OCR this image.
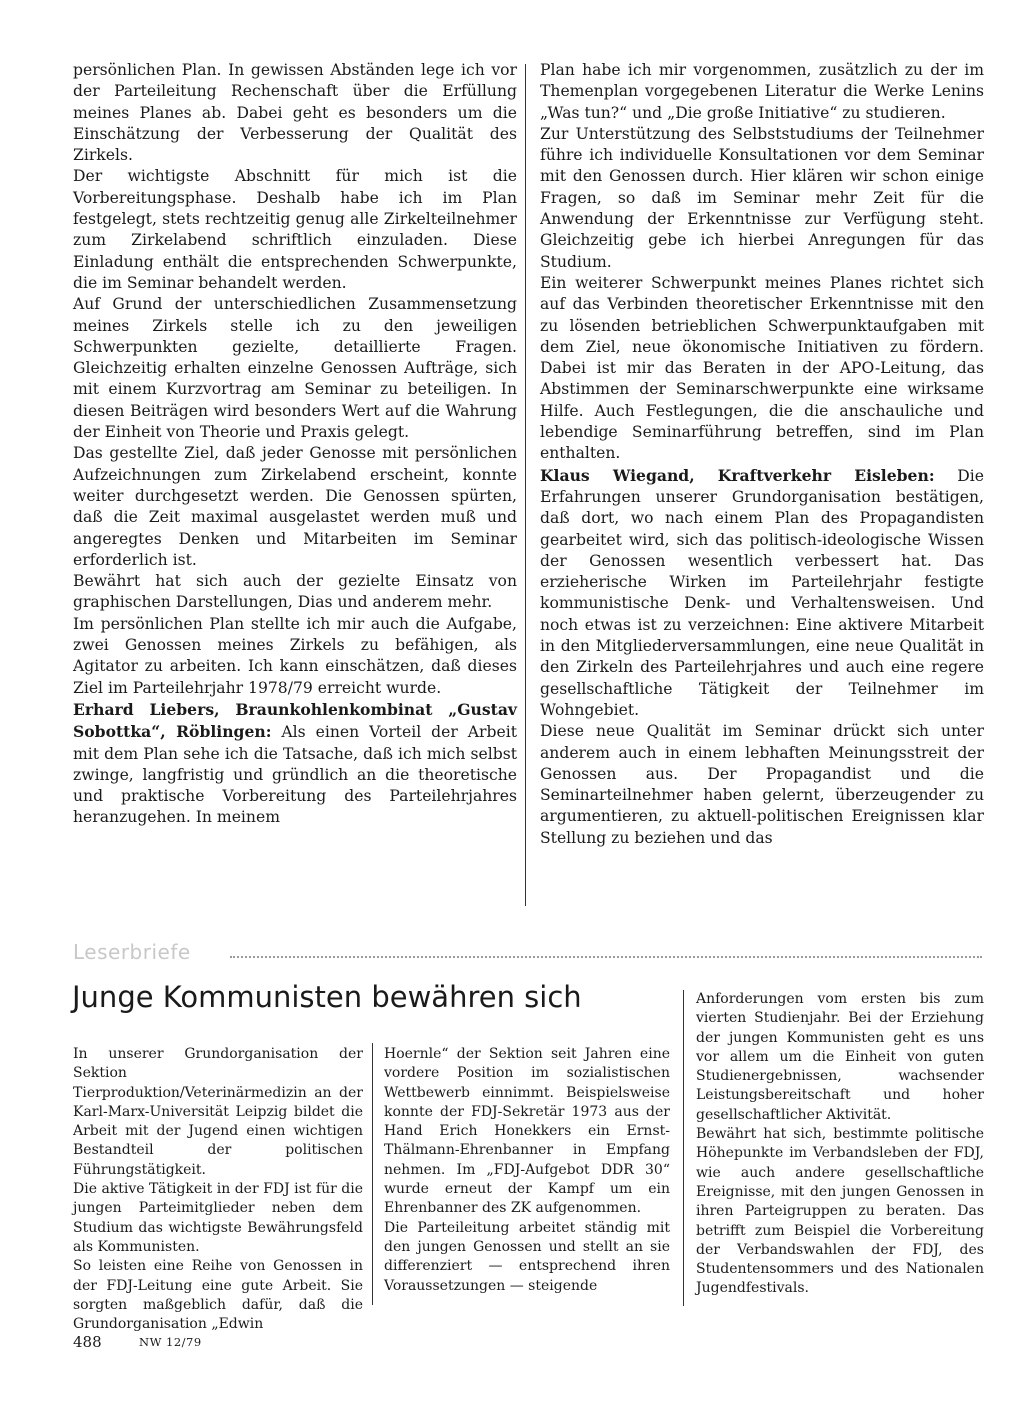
persönlichen Plan. In gewissen Abständen lege ich vor der Parteileitung Rechenschaft über die Erfüllung meines Planes ab. Dabei geht es besonders um die Einschätzung der Verbesserung der Qualität des Zirkels.

Der wichtigste Abschnitt für mich ist die Vorbereitungsphase. Deshalb habe ich im Plan festgelegt, stets rechtzeitig genug alle Zirkelteilnehmer zum Zirkelabend schriftlich einzuladen. Diese Einladung enthält die entsprechenden Schwerpunkte, die im Seminar behandelt werden.

Auf Grund der unterschiedlichen Zusammensetzung meines Zirkels stelle ich zu den jeweiligen Schwerpunkten gezielte, detaillierte Fragen. Gleichzeitig erhalten einzelne Genossen Aufträge, sich mit einem Kurzvortrag am Seminar zu beteiligen. In diesen Beiträgen wird besonders Wert auf die Wahrung der Einheit von Theorie und Praxis gelegt.

Das gestellte Ziel, daß jeder Genosse mit persönlichen Aufzeichnungen zum Zirkelabend erscheint, konnte weiter durchgesetzt werden. Die Genossen spürten, daß die Zeit maximal ausgelastet werden muß und angeregtes Denken und Mitarbeiten im Seminar erforderlich ist.

Bewährt hat sich auch der gezielte Einsatz von graphischen Darstellungen, Dias und anderem mehr.

Im persönlichen Plan stellte ich mir auch die Aufgabe, zwei Genossen meines Zirkels zu befähigen, als Agitator zu arbeiten. Ich kann einschätzen, daß dieses Ziel im Parteilehrjahr 1978/79 erreicht wurde.

Erhard Liebers, Braunkohlenkombinat „Gustav Sobottka“, Röblingen: Als einen Vorteil der Arbeit mit dem Plan sehe ich die Tatsache, daß ich mich selbst zwinge, langfristig und gründlich an die theoretische und praktische Vorbereitung des Parteilehrjahres heranzugehen. In meinem

Plan habe ich mir vorgenommen, zusätzlich zu der im Themenplan vorgegebenen Literatur die Werke Lenins „Was tun?“ und „Die große Initiative“ zu studieren.

Zur Unterstützung des Selbststudiums der Teilnehmer führe ich individuelle Konsultationen vor dem Seminar mit den Genossen durch. Hier klären wir schon einige Fragen, so daß im Seminar mehr Zeit für die Anwendung der Erkenntnisse zur Verfügung steht. Gleichzeitig gebe ich hierbei Anregungen für das Studium.

Ein weiterer Schwerpunkt meines Planes richtet sich auf das Verbinden theoretischer Erkenntnisse mit den zu lösenden betrieblichen Schwerpunktaufgaben mit dem Ziel, neue ökonomische Initiativen zu fördern. Dabei ist mir das Beraten in der APO-Leitung, das Abstimmen der Seminarschwerpunkte eine wirksame Hilfe. Auch Festlegungen, die die anschauliche und lebendige Seminarführung betreffen, sind im Plan enthalten.

Klaus Wiegand, Kraftverkehr Eisleben: Die Erfahrungen unserer Grundorganisation bestätigen, daß dort, wo nach einem Plan des Propagandisten gearbeitet wird, sich das politisch-ideologische Wissen der Genossen wesentlich verbessert hat. Das erzieherische Wirken im Parteilehrjahr festigte kommunistische Denk- und Verhaltensweisen. Und noch etwas ist zu verzeichnen: Eine aktivere Mitarbeit in den Mitgliederversammlungen, eine neue Qualität in den Zirkeln des Parteilehrjahres und auch eine regere gesellschaftliche Tätigkeit der Teilnehmer im Wohngebiet.

Diese neue Qualität im Seminar drückt sich unter anderem auch in einem lebhaften Meinungsstreit der Genossen aus. Der Propagandist und die Seminarteilnehmer haben gelernt, überzeugender zu argumentieren, zu aktuell-politischen Ereignissen klar Stellung zu beziehen und das

Leserbriefe
Junge Kommunisten bewähren sich

In unserer Grundorganisation der Sektion Tierproduktion/Veterinärmedizin an der Karl-Marx-Universität Leipzig bildet die Arbeit mit der Jugend einen wichtigen Bestandteil der politischen Führungstätigkeit.

Die aktive Tätigkeit in der FDJ ist für die jungen Parteimitglieder neben dem Studium das wichtigste Bewährungsfeld als Kommunisten.

So leisten eine Reihe von Genossen in der FDJ-Leitung eine gute Arbeit. Sie sorgten maßgeblich dafür, daß die Grundorganisation „Edwin

Hoernle“ der Sektion seit Jahren eine vordere Position im sozialistischen Wettbewerb einnimmt. Beispielsweise konnte der FDJ-Sekretär 1973 aus der Hand Erich Honekkers ein Ernst-Thälmann-Ehrenbanner in Empfang nehmen. Im „FDJ-Aufgebot DDR 30“ wurde erneut der Kampf um ein Ehrenbanner des ZK aufgenommen.

Die Parteileitung arbeitet ständig mit den jungen Genossen und stellt an sie differenziert — entsprechend ihren Voraussetzungen — steigende

Anforderungen vom ersten bis zum vierten Studienjahr. Bei der Erziehung der jungen Kommunisten geht es uns vor allem um die Einheit von guten Studienergebnissen, wachsender Leistungsbereitschaft und hoher gesellschaftlicher Aktivität.

Bewährt hat sich, bestimmte politische Höhepunkte im Verbandsleben der FDJ, wie auch andere gesellschaftliche Ereignisse, mit den jungen Genossen in ihren Parteigruppen zu beraten. Das betrifft zum Beispiel die Vorbereitung der Verbandswahlen der FDJ, des Studentensommers und des Nationalen Jugendfestivals.

488	NW 12/79
